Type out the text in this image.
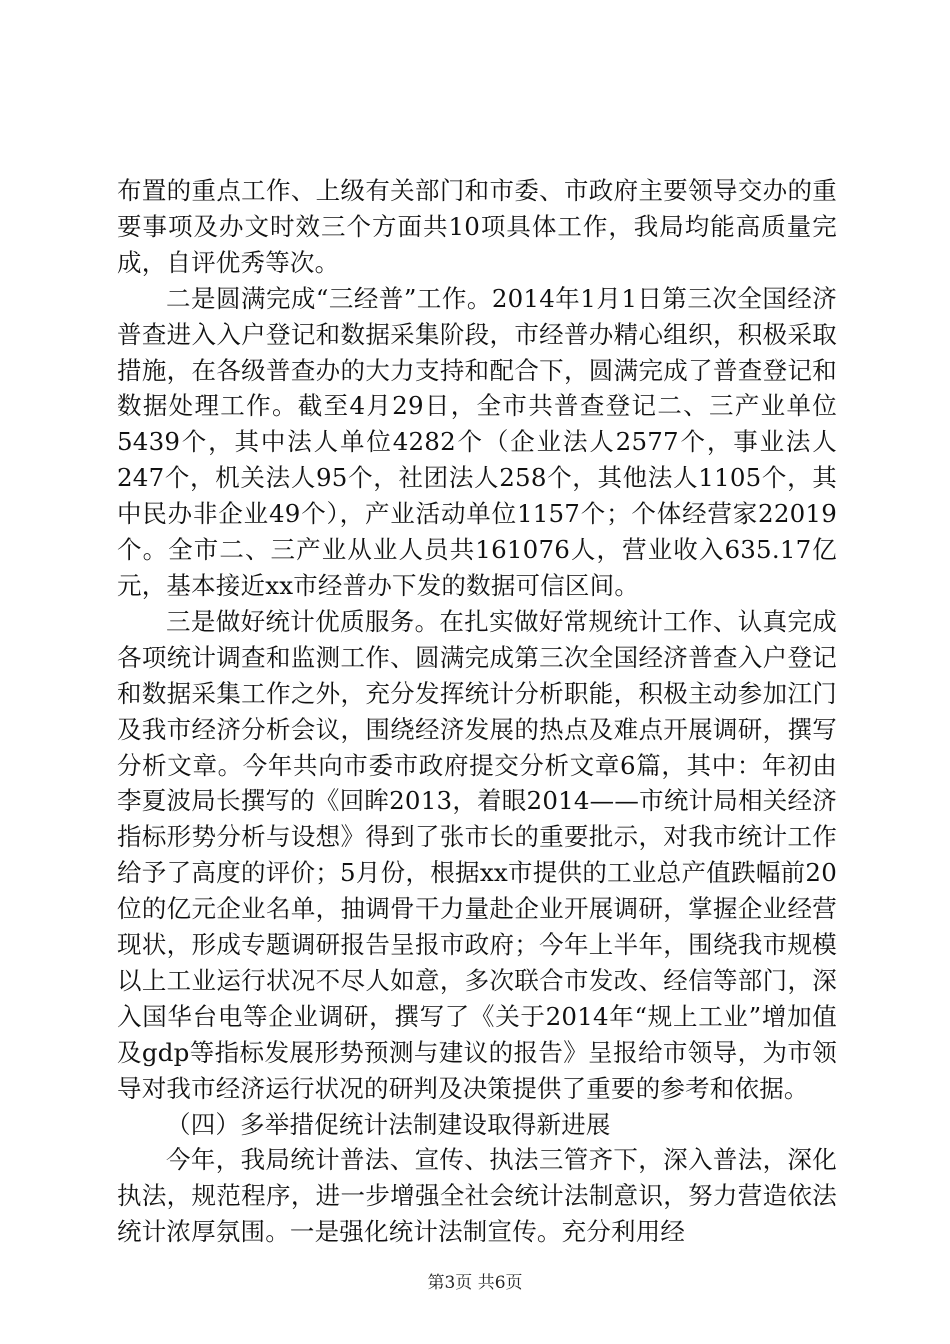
布置的重点工作、上级有关部门和市委、市政府主要领导交办的重要事项及办文时效三个方面共10项具体工作，我局均能高质量完成，自评优秀等次。

二是圆满完成“三经普”工作。2014年1月1日第三次全国经济普查进入入户登记和数据采集阶段，市经普办精心组织，积极采取措施，在各级普查办的大力支持和配合下，圆满完成了普查登记和数据处理工作。截至4月29日，全市共普查登记二、三产业单位5439个，其中法人单位4282个（企业法人2577个，事业法人247个，机关法人95个，社团法人258个，其他法人1105个，其中民办非企业49个），产业活动单位1157个；个体经营家22019个。全市二、三产业从业人员共161076人，营业收入635.17亿元，基本接近xx市经普办下发的数据可信区间。

三是做好统计优质服务。在扎实做好常规统计工作、认真完成各项统计调查和监测工作、圆满完成第三次全国经济普查入户登记和数据采集工作之外，充分发挥统计分析职能，积极主动参加江门及我市经济分析会议，围绕经济发展的热点及难点开展调研，撰写分析文章。今年共向市委市政府提交分析文章6篇，其中：年初由李夏波局长撰写的《回眸2013，着眼2014——市统计局相关经济指标形势分析与设想》得到了张市长的重要批示，对我市统计工作给予了高度的评价；5月份，根据xx市提供的工业总产值跌幅前20位的亿元企业名单，抽调骨干力量赴企业开展调研，掌握企业经营现状，形成专题调研报告呈报市政府；今年上半年，围绕我市规模以上工业运行状况不尽人如意，多次联合市发改、经信等部门，深入国华台电等企业调研，撰写了《关于2014年“规上工业”增加值及gdp等指标发展形势预测与建议的报告》呈报给市领导，为市领导对我市经济运行状况的研判及决策提供了重要的参考和依据。

（四）多举措促统计法制建设取得新进展

今年，我局统计普法、宣传、执法三管齐下，深入普法，深化执法，规范程序，进一步增强全社会统计法制意识，努力营造依法统计浓厚氛围。一是强化统计法制宣传。充分利用经

第3页 共6页
